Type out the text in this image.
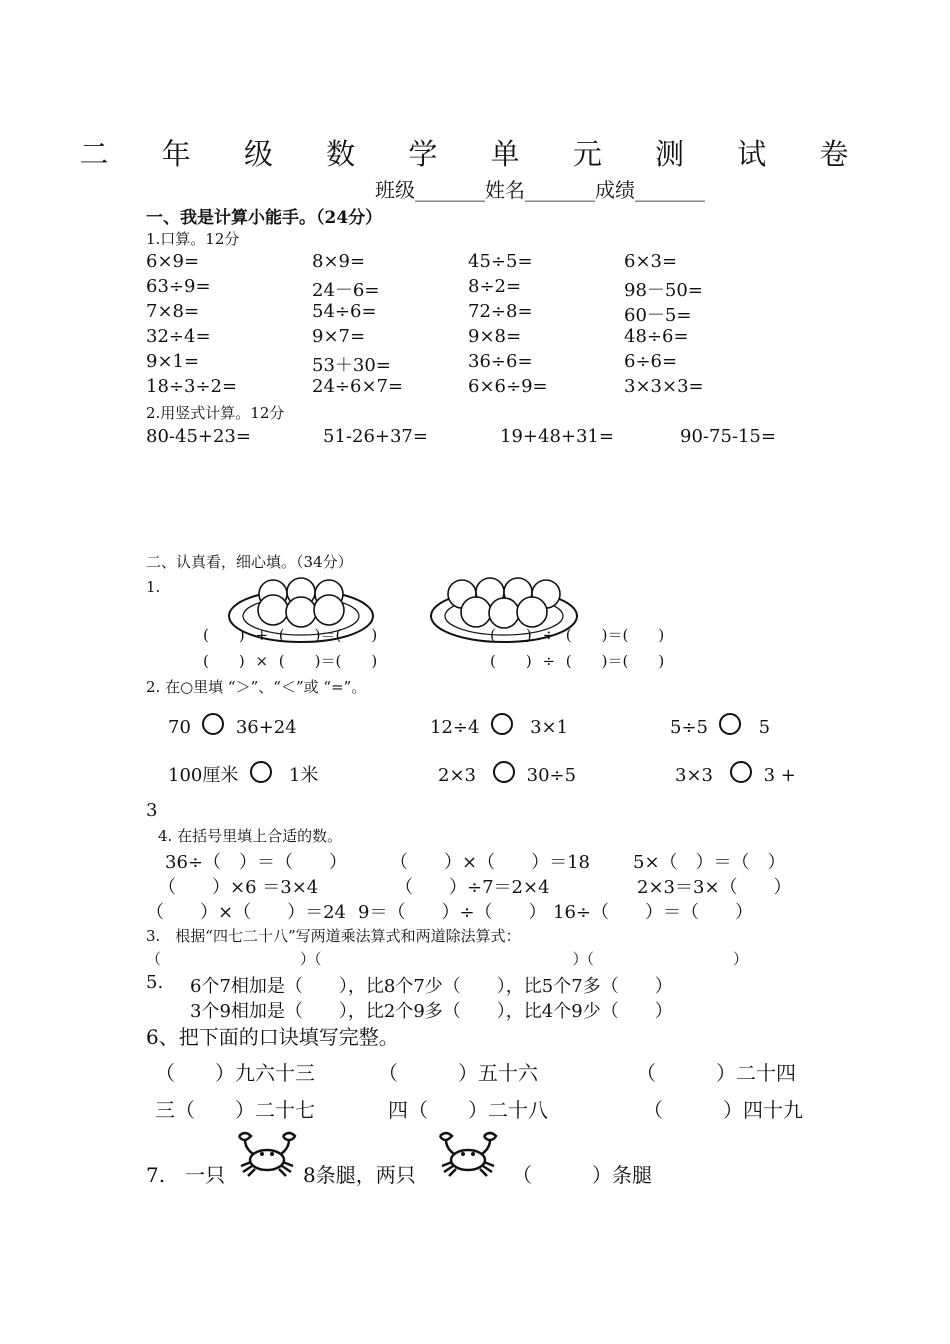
二 年 级 数 学 单 元 测 试 卷
班级_______姓名_______成绩_______
一、我是计算小能手。（24分）
1.口算。12分
6×9=	8×9=	45÷5=	6×3=
63÷9=	24－6=	8÷2=	98－50=
7×8=	54÷6=	72÷8=	60－5=
32÷4=	9×7=	9×8=	48÷6=
9×1=	53＋30=	36÷6=	6÷6=
18÷3÷2=	24÷6×7=	6×6÷9=	3×3×3=
2.用竖式计算。12分
80-45+23=	51-26+37=	19+48+31=	90-75-15=
二、认真看，细心填。（34分）
1.
(　　) + (　　)＝(　　)
(　　) × (　　)＝(　　)
(　　) ÷ (　　)＝(　　)
(　　) ÷ (　　)＝(　　)
2. 在○里填 “＞”、“＜”或 “=”。
70 36+24	12÷4	3×1	5÷5	5
100厘米	1米	2×3	30÷5	3×3	3 +
3
4. 在括号里填上合适的数。
36÷（　）＝（　　） （　　）×（　　）＝18 5×（　）＝（　）
（　　）×6 ＝3×4	（　　）÷7＝2×4	2×3＝3×（　　）
（　　）×（　　）＝24 9＝（　　）÷（　　） 16÷（　　）＝（　　）
3.　根据“四七二十八”写两道乘法算式和两道除法算式：
（　　　　　　　　　　）（　　　　　　　　　　　　　　　　　　）（　　　　　　　　　　）
5. 6个7相加是（　　），比8个7少（　　），比5个7多（　　）
3个9相加是（　　），比2个9多（　　），比4个9少（　　）
6、把下面的口诀填写完整。
（　　）九六十三	（　　　）五十六	（　　　）二十四
三（　　）二十七	四（　　）二十八	（　　　）四十九
7.　一只	8条腿，两只	（　　　）条腿
